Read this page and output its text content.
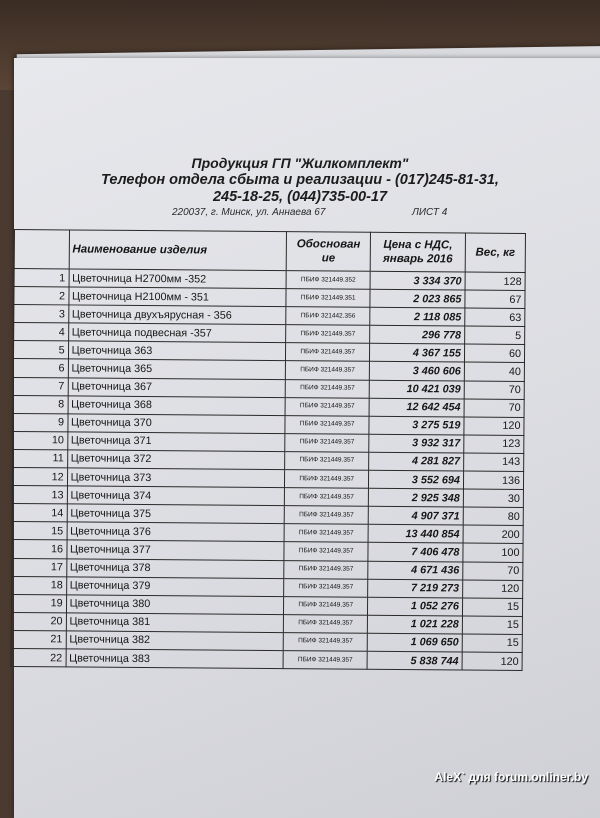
Продукция ГП "Жилкомплект"
Телефон отдела сбыта и реализации - (017)245-81-31,
245-18-25, (044)735-00-17
220037, г. Минск, ул. Аннаева 67	ЛИСТ 4
	Наименование изделия	Обоснован ие	Цена с НДС, январь 2016	Вес, кг
1	Цветочница Н2700мм -352	ПБИФ 321449.352	3 334 370	128
2	Цветочница Н2100мм - 351	ПБИФ 321449.351	2 023 865	67
3	Цветочница двухъярусная - 356	ПБИФ 321442.356	2 118 085	63
4	Цветочница подвесная -357	ПБИФ 321449.357	296 778	5
5	Цветочница 363	ПБИФ 321449.357	4 367 155	60
6	Цветочница 365	ПБИФ 321449.357	3 460 606	40
7	Цветочница 367	ПБИФ 321449.357	10 421 039	70
8	Цветочница 368	ПБИФ 321449.357	12 642 454	70
9	Цветочница 370	ПБИФ 321449.357	3 275 519	120
10	Цветочница 371	ПБИФ 321449.357	3 932 317	123
11	Цветочница 372	ПБИФ 321449.357	4 281 827	143
12	Цветочница 373	ПБИФ 321449.357	3 552 694	136
13	Цветочница 374	ПБИФ 321449.357	2 925 348	30
14	Цветочница 375	ПБИФ 321449.357	4 907 371	80
15	Цветочница 376	ПБИФ 321449.357	13 440 854	200
16	Цветочница 377	ПБИФ 321449.357	7 406 478	100
17	Цветочница 378	ПБИФ 321449.357	4 671 436	70
18	Цветочница 379	ПБИФ 321449.357	7 219 273	120
19	Цветочница 380	ПБИФ 321449.357	1 052 276	15
20	Цветочница 381	ПБИФ 321449.357	1 021 228	15
21	Цветочница 382	ПБИФ 321449.357	1 069 650	15
22	Цветочница 383	ПБИФ 321449.357	5 838 744	120
AleX` для forum.onliner.by
